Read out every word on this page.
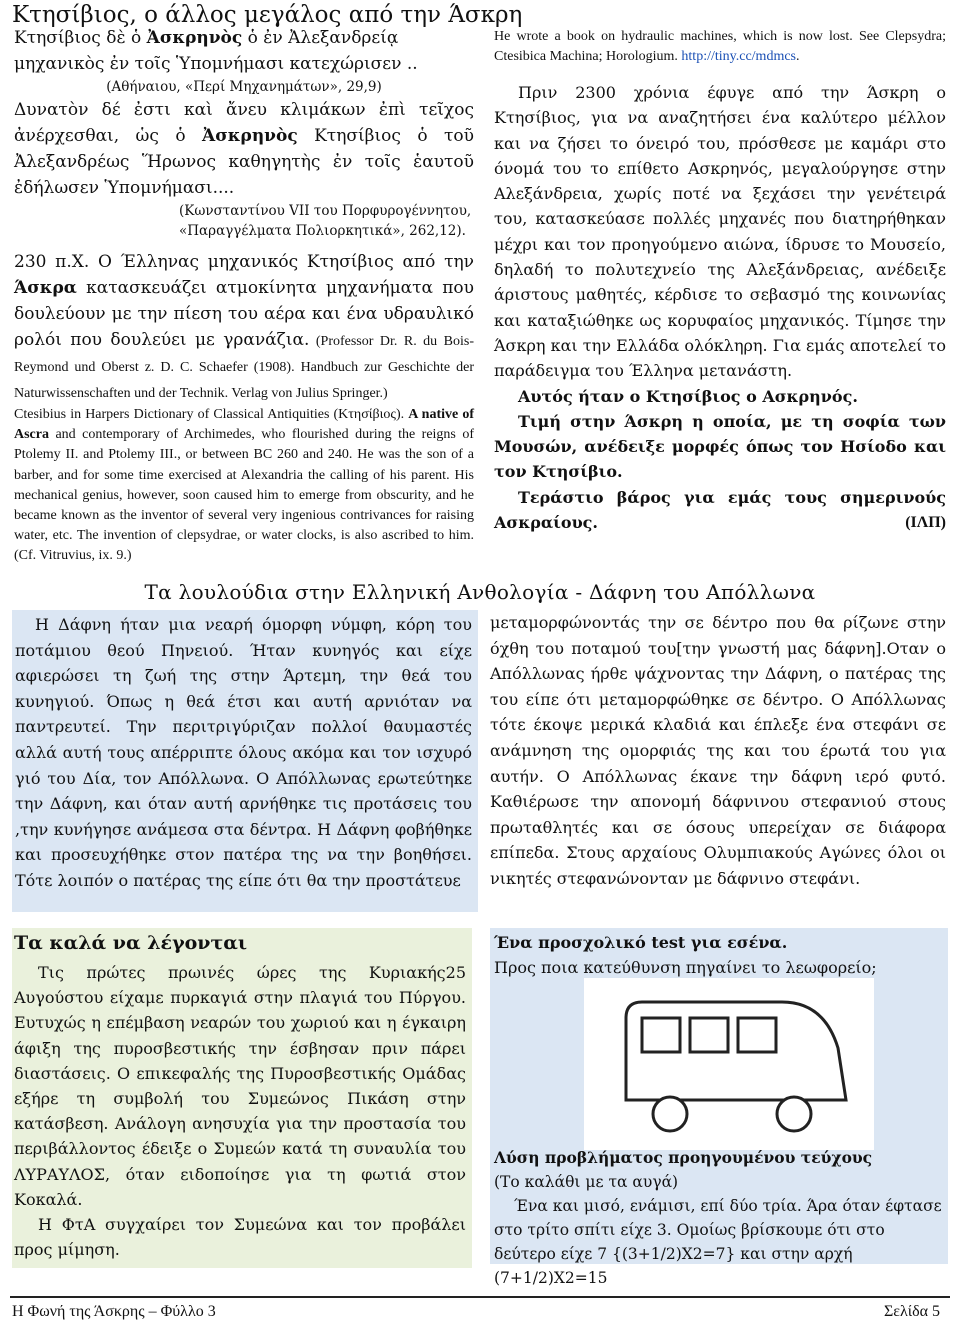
Κτησίβιος, ο άλλος μεγάλος από την Άσκρη

Κτησίβιος δὲ ὁ Ἀσκρηνὸς ὁ ἐν Ἀλεξανδρείᾳ
μηχανικὸς ἐν τοῖς Ὑπομνήμασι κατεχώρισεν ..

(Αθήναιου, «Περί Μηχανημάτων», 29,9)

Δυνατὸν δέ ἐστι καὶ ἄνευ κλιμάκων ἐπὶ τεῖχος ἀνέρχεσθαι, ὡς ὁ Ἀσκρηνὸς Κτησίβιος ὁ τοῦ Ἀλεξανδρέως Ἥρωνος καθηγητὴς ἐν τοῖς ἑαυτοῦ ἐδήλωσεν Ὑπομνήμασι....

(Κωνσταντίνου VII του Πορφυρογέννητου,

«Παραγγέλματα Πολιορκητικά», 262,12).

230 π.Χ. Ο Έλληνας μηχανικός Κτησίβιος από την Άσκρα κατασκευάζει ατμοκίνητα μηχανήματα που δουλεύουν με την πίεση του αέρα και ένα υδραυλικό ρολόι που δουλεύει με γρανάζια. (Professor Dr. R. du Bois-Reymond und Oberst z. D. C. Schaefer (1908). Handbuch zur Geschichte der Naturwissenschaften und der Technik. Verlag von Julius Springer.)

Ctesibius in Harpers Dictionary of Classical Antiquities (Κτησίβιος). A native of Ascra and contemporary of Archimedes, who flourished during the reigns of Ptolemy II. and Ptolemy III., or between BC 260 and 240. He was the son of a barber, and for some time exercised at Alexandria the calling of his parent. His mechanical genius, however, soon caused him to emerge from obscurity, and he became known as the inventor of several very ingenious contrivances for raising water, etc. The invention of clepsydrae, or water clocks, is also ascribed to him. (Cf. Vitruvius, ix. 9.)

He wrote a book on hydraulic machines, which is now lost. See Clepsydra; Ctesibica Machina; Horologium. http://tiny.cc/mdmcs.

Πριν 2300 χρόνια έφυγε από την Άσκρη ο Κτησίβιος, για να αναζητήσει ένα καλύτερο μέλλον και να ζήσει το όνειρό του, πρόσθεσε με καμάρι στο όνομά του το επίθετο Ασκρηνός, μεγαλούργησε στην Αλεξάνδρεια, χωρίς ποτέ να ξεχάσει την γενέτειρά του, κατασκεύασε πολλές μηχανές που διατηρήθηκαν μέχρι και τον προηγούμενο αιώνα, ίδρυσε το Μουσείο, δηλαδή το πολυτεχνείο της Αλεξάνδρειας, ανέδειξε άριστους μαθητές, κέρδισε το σεβασμό της κοινωνίας και καταξιώθηκε ως κορυφαίος μηχανικός. Τίμησε την Άσκρη και την Ελλάδα ολόκληρη. Για εμάς αποτελεί το παράδειγμα του Έλληνα μετανάστη.

Αυτός ήταν ο Κτησίβιος ο Ασκρηνός.

Τιμή στην Άσκρη η οποία, με τη σοφία των Μουσών, ανέδειξε μορφές όπως τον Ησίοδο και τον Κτησίβιο.

Τεράστιο βάρος για εμάς τους σημερινούς Ασκραίους.	(ΙΛΠ)

Τα λουλούδια στην Ελληνική Ανθολογία - Δάφνη του Απόλλωνα

Η Δάφνη ήταν μια νεαρή όμορφη νύμφη, κόρη του ποτάμιου θεού Πηνειού. Ήταν κυνηγός και είχε αφιερώσει τη ζωή της στην Άρτεμη, την θεά του κυνηγιού. Όπως η θεά έτσι και αυτή αρνιόταν να παντρευτεί. Την περιτριγύριζαν πολλοί θαυμαστές αλλά αυτή τους απέρριπτε όλους ακόμα και τον ισχυρό γιό του Δία, τον Απόλλωνα. Ο Απόλλωνας ερωτεύτηκε την Δάφνη, και όταν αυτή αρνήθηκε τις προτάσεις του ,την κυνήγησε ανάμεσα στα δέντρα. Η Δάφνη φοβήθηκε και προσευχήθηκε στον πατέρα της να την βοηθήσει. Τότε λοιπόν ο πατέρας της είπε ότι θα την προστάτευε

μεταμορφώνοντάς την σε δέντρο που θα ρίζωνε στην όχθη του ποταμού του[την γνωστή μας δάφνη].Οταν ο Απόλλωνας ήρθε ψάχνοντας την Δάφνη, ο πατέρας της του είπε ότι μεταμορφώθηκε σε δέντρο. Ο Απόλλωνας τότε έκοψε μερικά κλαδιά και έπλεξε ένα στεφάνι σε ανάμνηση της ομορφιάς της και του έρωτά του για αυτήν. Ο Απόλλωνας έκανε την δάφνη ιερό φυτό. Καθιέρωσε την απονομή δάφνινου στεφανιού στους πρωταθλητές και σε όσους υπερείχαν σε διάφορα επίπεδα. Στους αρχαίους Ολυμπιακούς Αγώνες όλοι οι νικητές στεφανώνονταν με δάφνινο στεφάνι.

Τα καλά να λέγονται

Τις πρώτες πρωινές ώρες της Κυριακής25 Αυγούστου είχαμε πυρκαγιά στην πλαγιά του Πύργου. Ευτυχώς η επέμβαση νεαρών του χωριού και η έγκαιρη άφιξη της πυροσβεστικής την έσβησαν πριν πάρει διαστάσεις. Ο επικεφαλής της Πυροσβεστικής Ομάδας εξήρε τη συμβολή του Συμεώνος Πικάση στην κατάσβεση. Ανάλογη ανησυχία για την προστασία του περιβάλλοντος έδειξε ο Συμεών κατά τη συναυλία του ΛΥΡΑΥΛΟΣ, όταν ειδοποίησε για τη φωτιά στον Κοκαλά.

Η ΦτΑ συγχαίρει τον Συμεώνα και τον προβάλει προς μίμηση.

Ένα προσχολικό test για εσένα.
Προς ποια κατεύθυνση πηγαίνει το λεωφορείο;

Λύση προβλήματος προηγουμένου τεύχους

(Το καλάθι με τα αυγά)

Ένα και μισό, ενάμισι, επί δύο τρία. Άρα όταν έφτασε στο τρίτο σπίτι είχε 3. Ομοίως βρίσκουμε ότι στο δεύτερο είχε 7 {(3+1/2)Χ2=7} και στην αρχή (7+1/2)Χ2=15

Η Φωνή της Άσκρης – Φύλλο 3	Σελίδα 5
